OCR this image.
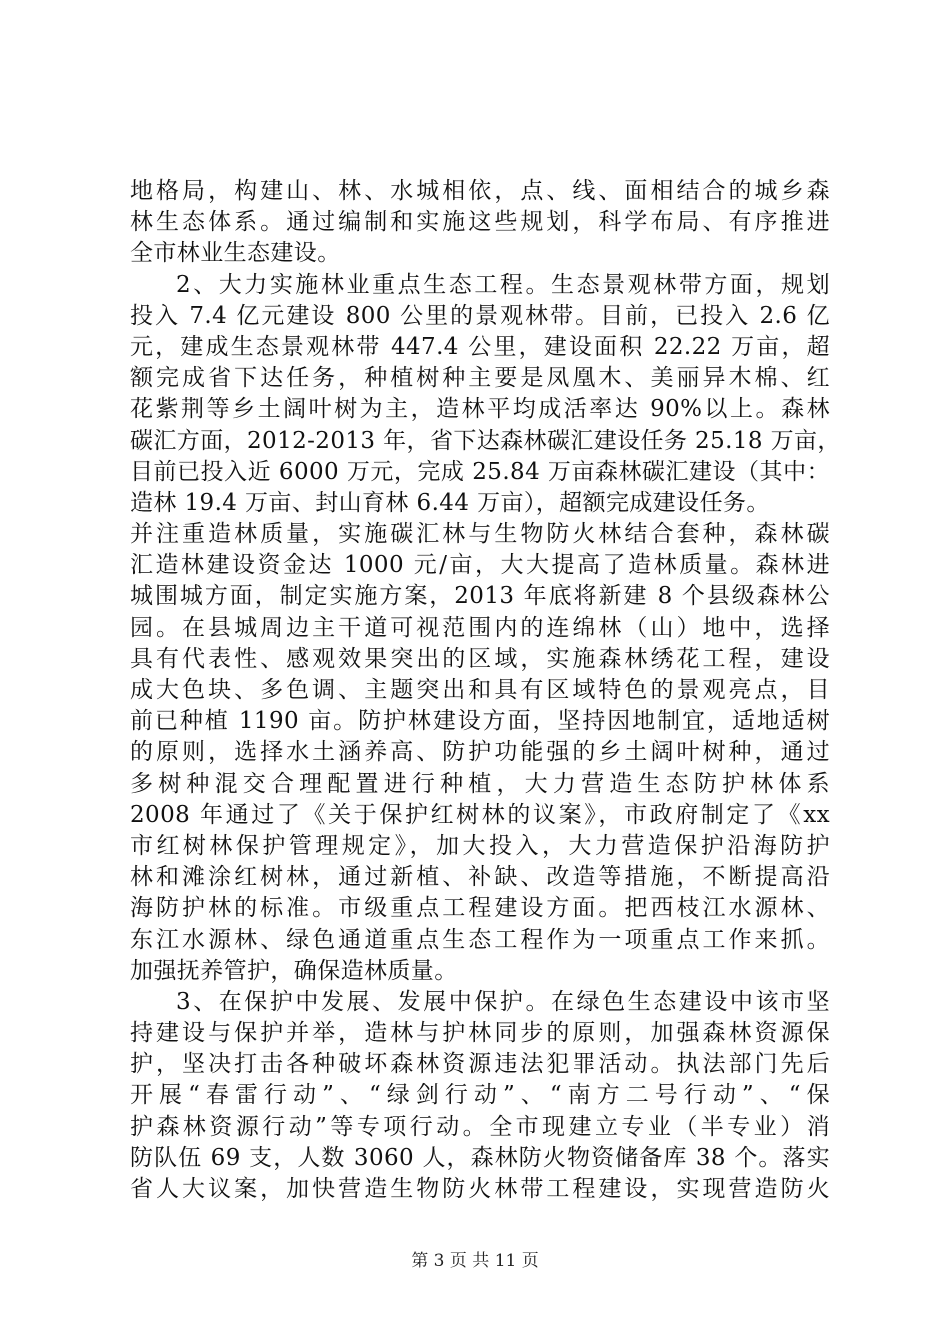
地格局，构建山、林、水城相依，点、线、面相结合的城乡森
林生态体系。通过编制和实施这些规划，科学布局、有序推进
全市林业生态建设。
2、大力实施林业重点生态工程。生态景观林带方面，规划
投入 7.4 亿元建设 800 公里的景观林带。目前，已投入 2.6 亿
元，建成生态景观林带 447.4 公里，建设面积 22.22 万亩，超
额完成省下达任务，种植树种主要是凤凰木、美丽异木棉、红
花紫荆等乡土阔叶树为主，造林平均成活率达 90%以上。森林
碳汇方面，2012-2013 年，省下达森林碳汇建设任务 25.18 万亩，
目前已投入近 6000 万元，完成 25.84 万亩森林碳汇建设（其中：
造林 19.4 万亩、封山育林 6.44 万亩），超额完成建设任务。
并注重造林质量，实施碳汇林与生物防火林结合套种，森林碳
汇造林建设资金达 1000 元/亩，大大提高了造林质量。森林进
城围城方面，制定实施方案，2013 年底将新建 8 个县级森林公
园。在县城周边主干道可视范围内的连绵林（山）地中，选择
具有代表性、感观效果突出的区域，实施森林绣花工程，建设
成大色块、多色调、主题突出和具有区域特色的景观亮点，目
前已种植 1190 亩。防护林建设方面，坚持因地制宜，适地适树
的原则，选择水土涵养高、防护功能强的乡土阔叶树种，通过
多树种混交合理配置进行种植，大力营造生态防护林体系
2008 年通过了《关于保护红树林的议案》，市政府制定了《xx
市红树林保护管理规定》，加大投入，大力营造保护沿海防护
林和滩涂红树林，通过新植、补缺、改造等措施，不断提高沿
海防护林的标准。市级重点工程建设方面。把西枝江水源林、
东江水源林、绿色通道重点生态工程作为一项重点工作来抓。
加强抚养管护，确保造林质量。
3、在保护中发展、发展中保护。在绿色生态建设中该市坚
持建设与保护并举，造林与护林同步的原则，加强森林资源保
护，坚决打击各种破坏森林资源违法犯罪活动。执法部门先后
开展“春雷行动”、“绿剑行动”、“南方二号行动”、“保
护森林资源行动”等专项行动。全市现建立专业（半专业）消
防队伍 69 支，人数 3060 人，森林防火物资储备库 38 个。落实
省人大议案，加快营造生物防火林带工程建设，实现营造防火
第 3 页 共 11 页
